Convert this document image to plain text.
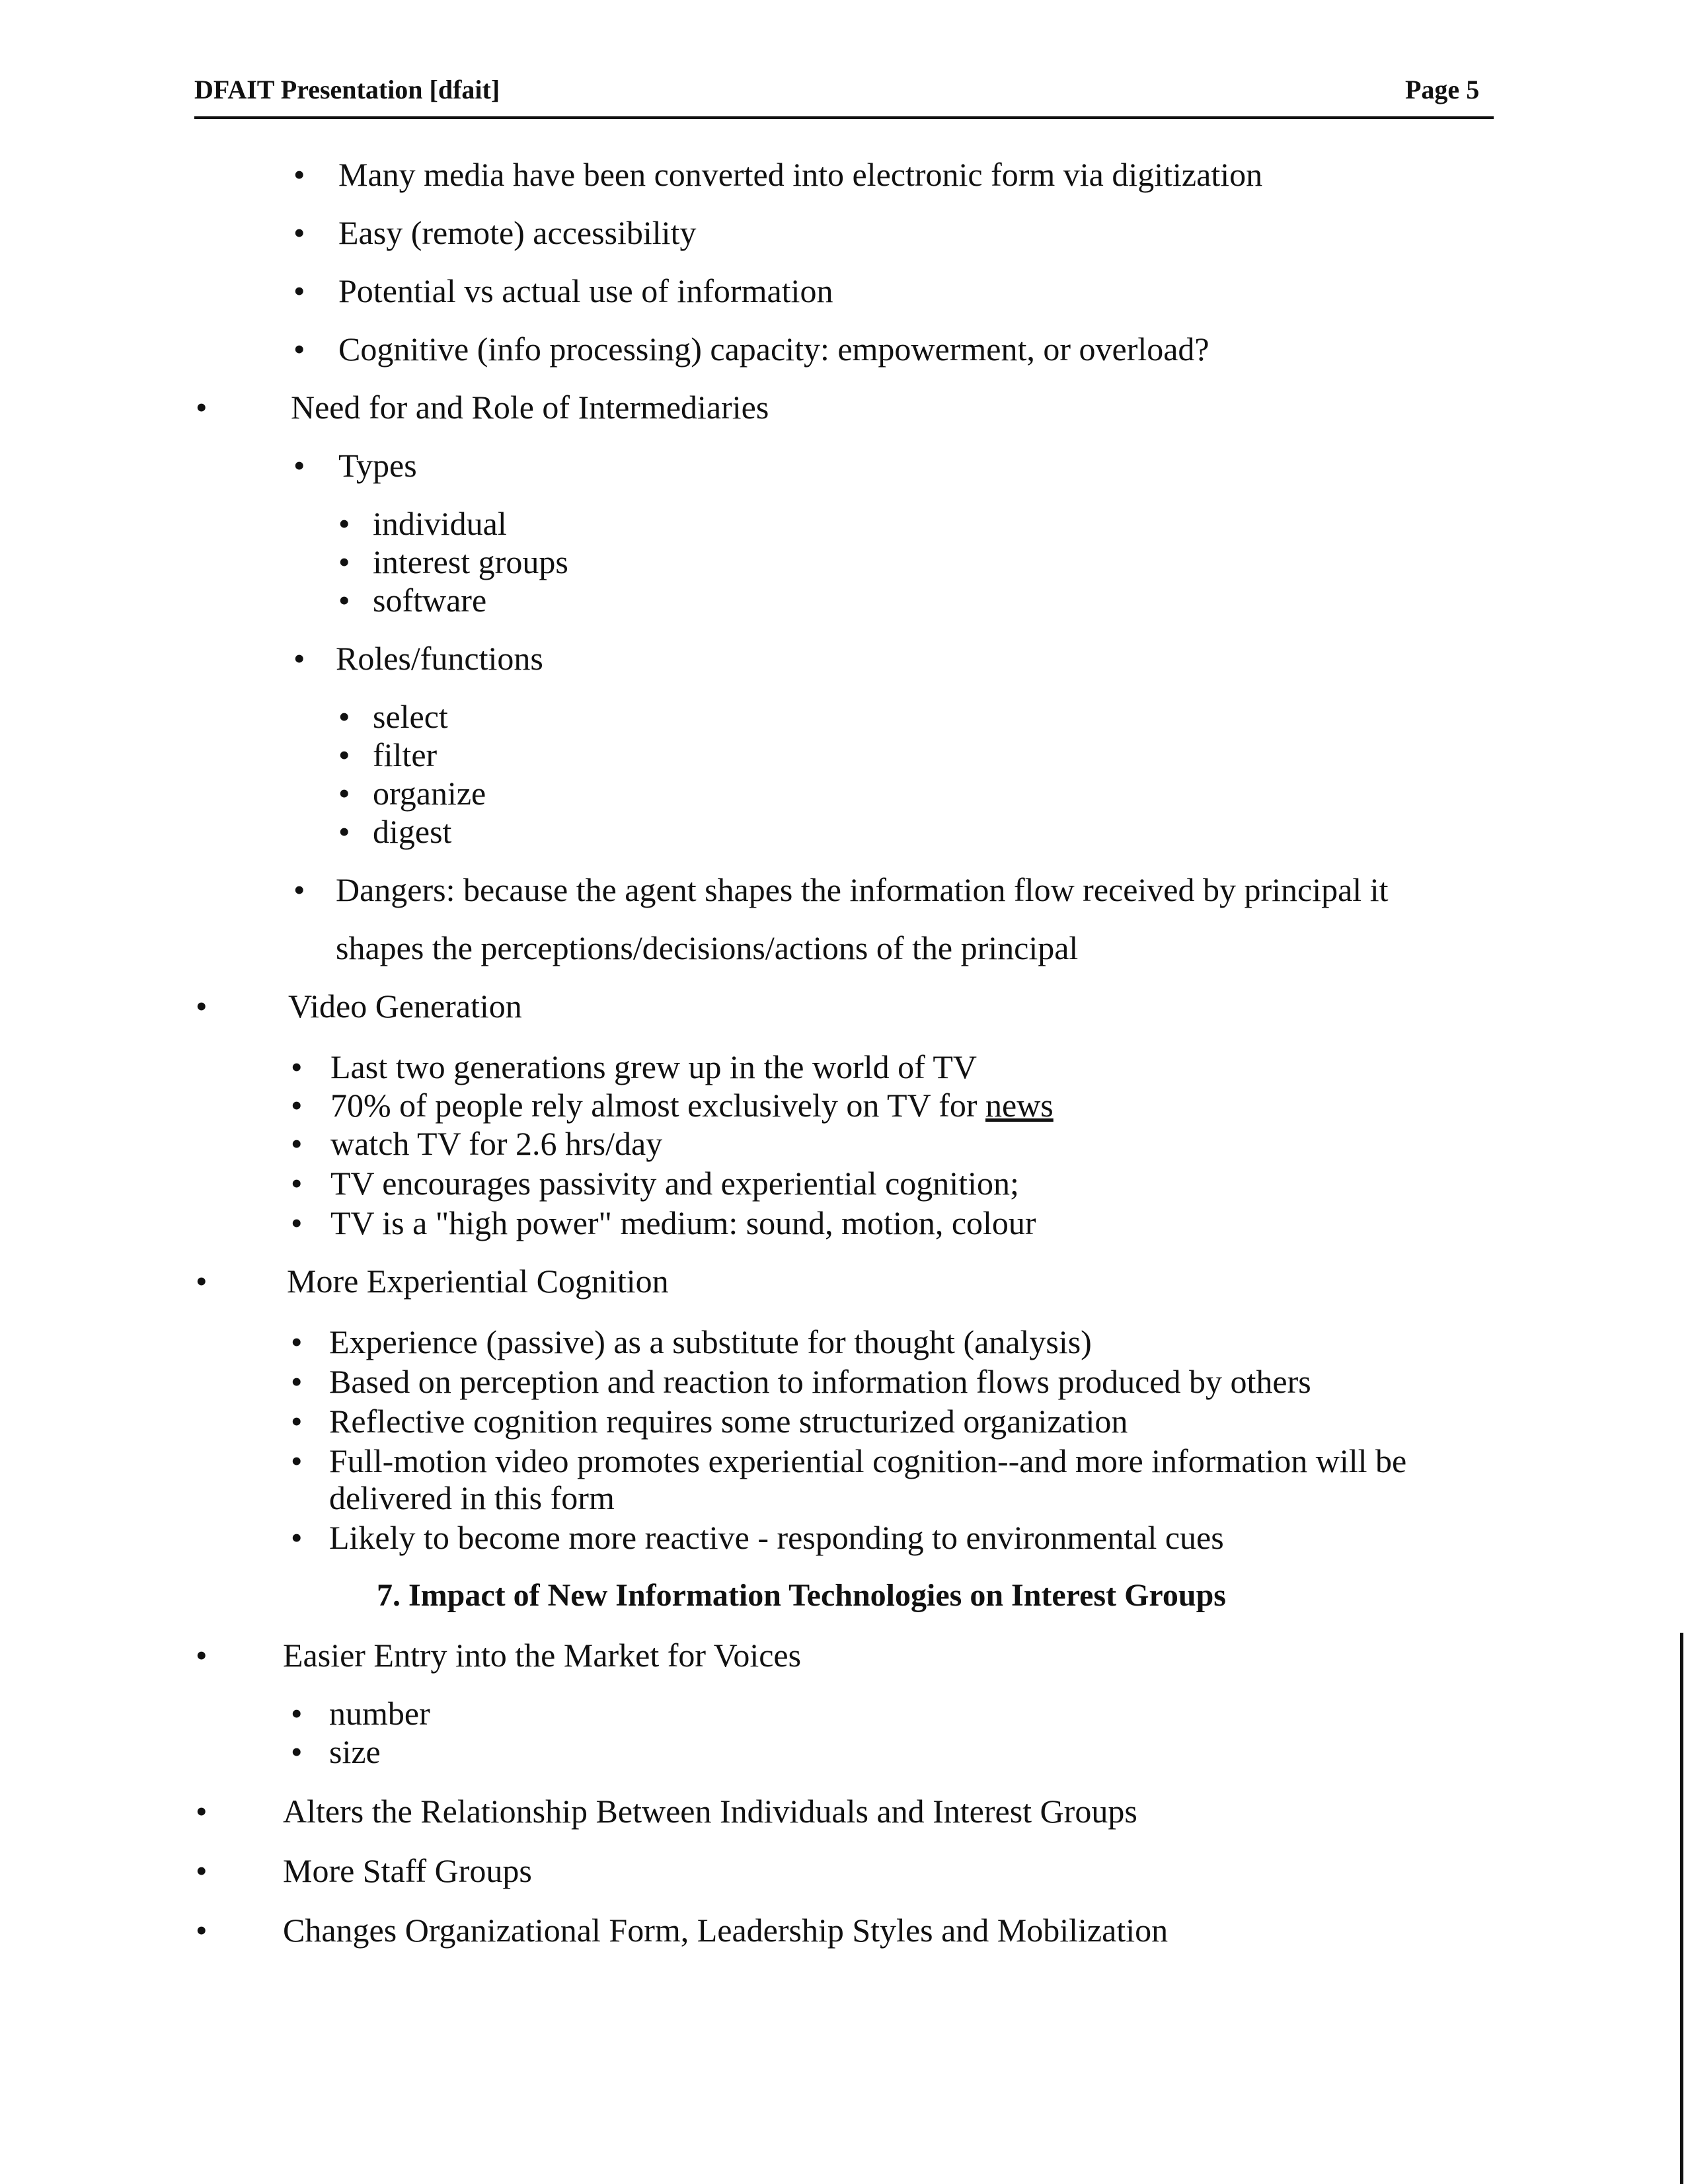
DFAIT Presentation [dfait]	Page 5
• Many media have been converted into electronic form via digitization
• Easy (remote) accessibility
• Potential vs actual use of information
• Cognitive (info processing) capacity: empowerment, or overload?
•	Need for and Role of Intermediaries
• Types
• individual
• interest groups
• software
• Roles/functions
• select
• filter
• organize
• digest
• Dangers: because the agent shapes the information flow received by principal it
shapes the perceptions/decisions/actions of the principal
• Video Generation
• Last two generations grew up in the world of TV
• 70% of people rely almost exclusively on TV for news
• watch TV for 2.6 hrs/day
• TV encourages passivity and experiential cognition;
• TV is a "high power" medium: sound, motion, colour
• More Experiential Cognition
• Experience (passive) as a substitute for thought (analysis)
• Based on perception and reaction to information flows produced by others
• Reflective cognition requires some structurized organization
• Full-motion video promotes experiential cognition--and more information will be
delivered in this form
• Likely to become more reactive - responding to environmental cues
7. Impact of New Information Technologies on Interest Groups
• Easier Entry into the Market for Voices
• number
• size
• Alters the Relationship Between Individuals and Interest Groups
• More Staff Groups
• Changes Organizational Form, Leadership Styles and Mobilization
